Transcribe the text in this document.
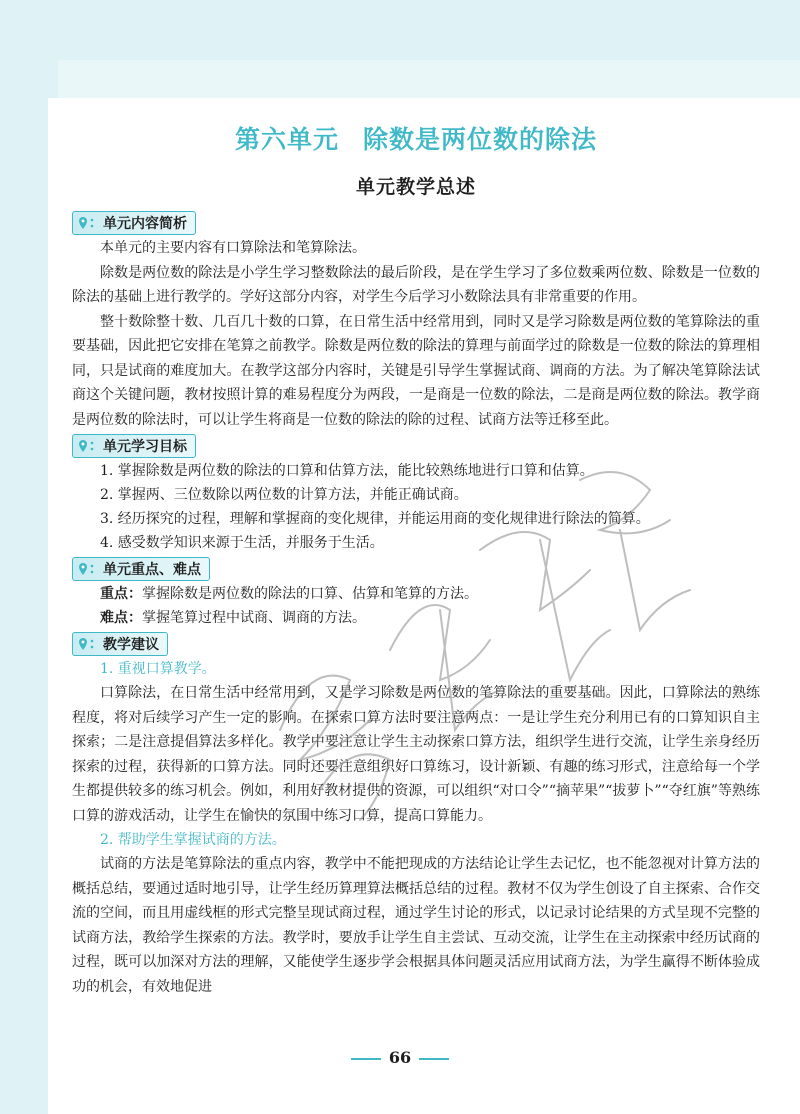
第六单元 除数是两位数的除法
单元教学总述
单元内容简析

本单元的主要内容有口算除法和笔算除法。

除数是两位数的除法是小学生学习整数除法的最后阶段，是在学生学习了多位数乘两位数、除数是一位数的除法的基础上进行教学的。学好这部分内容，对学生今后学习小数除法具有非常重要的作用。

整十数除整十数、几百几十数的口算，在日常生活中经常用到，同时又是学习除数是两位数的笔算除法的重要基础，因此把它安排在笔算之前教学。除数是两位数的除法的算理与前面学过的除数是一位数的除法的算理相同，只是试商的难度加大。在教学这部分内容时，关键是引导学生掌握试商、调商的方法。为了解决笔算除法试商这个关键问题，教材按照计算的难易程度分为两段，一是商是一位数的除法，二是商是两位数的除法。教学商是两位数的除法时，可以让学生将商是一位数的除法的除的过程、试商方法等迁移至此。

单元学习目标
1. 掌握除数是两位数的除法的口算和估算方法，能比较熟练地进行口算和估算。
2. 掌握两、三位数除以两位数的计算方法，并能正确试商。
3. 经历探究的过程，理解和掌握商的变化规律，并能运用商的变化规律进行除法的简算。
4. 感受数学知识来源于生活，并服务于生活。
单元重点、难点
重点：掌握除数是两位数的除法的口算、估算和笔算的方法。
难点：掌握笔算过程中试商、调商的方法。
教学建议
1. 重视口算教学。

口算除法，在日常生活中经常用到，又是学习除数是两位数的笔算除法的重要基础。因此，口算除法的熟练程度，将对后续学习产生一定的影响。在探索口算方法时要注意两点：一是让学生充分利用已有的口算知识自主探索；二是注意提倡算法多样化。教学中要注意让学生主动探索口算方法，组织学生进行交流，让学生亲身经历探索的过程，获得新的口算方法。同时还要注意组织好口算练习，设计新颖、有趣的练习形式，注意给每一个学生都提供较多的练习机会。例如，利用好教材提供的资源，可以组织“对口令”“摘苹果”“拔萝卜”“夺红旗”等熟练口算的游戏活动，让学生在愉快的氛围中练习口算，提高口算能力。

2. 帮助学生掌握试商的方法。

试商的方法是笔算除法的重点内容，教学中不能把现成的方法结论让学生去记忆，也不能忽视对计算方法的概括总结，要通过适时地引导，让学生经历算理算法概括总结的过程。教材不仅为学生创设了自主探索、合作交流的空间，而且用虚线框的形式完整呈现试商过程，通过学生讨论的形式，以记录讨论结果的方式呈现不完整的试商方法，教给学生探索的方法。教学时，要放手让学生自主尝试、互动交流，让学生在主动探索中经历试商的过程，既可以加深对方法的理解，又能使学生逐步学会根据具体问题灵活应用试商方法，为学生赢得不断体验成功的机会，有效地促进

66
